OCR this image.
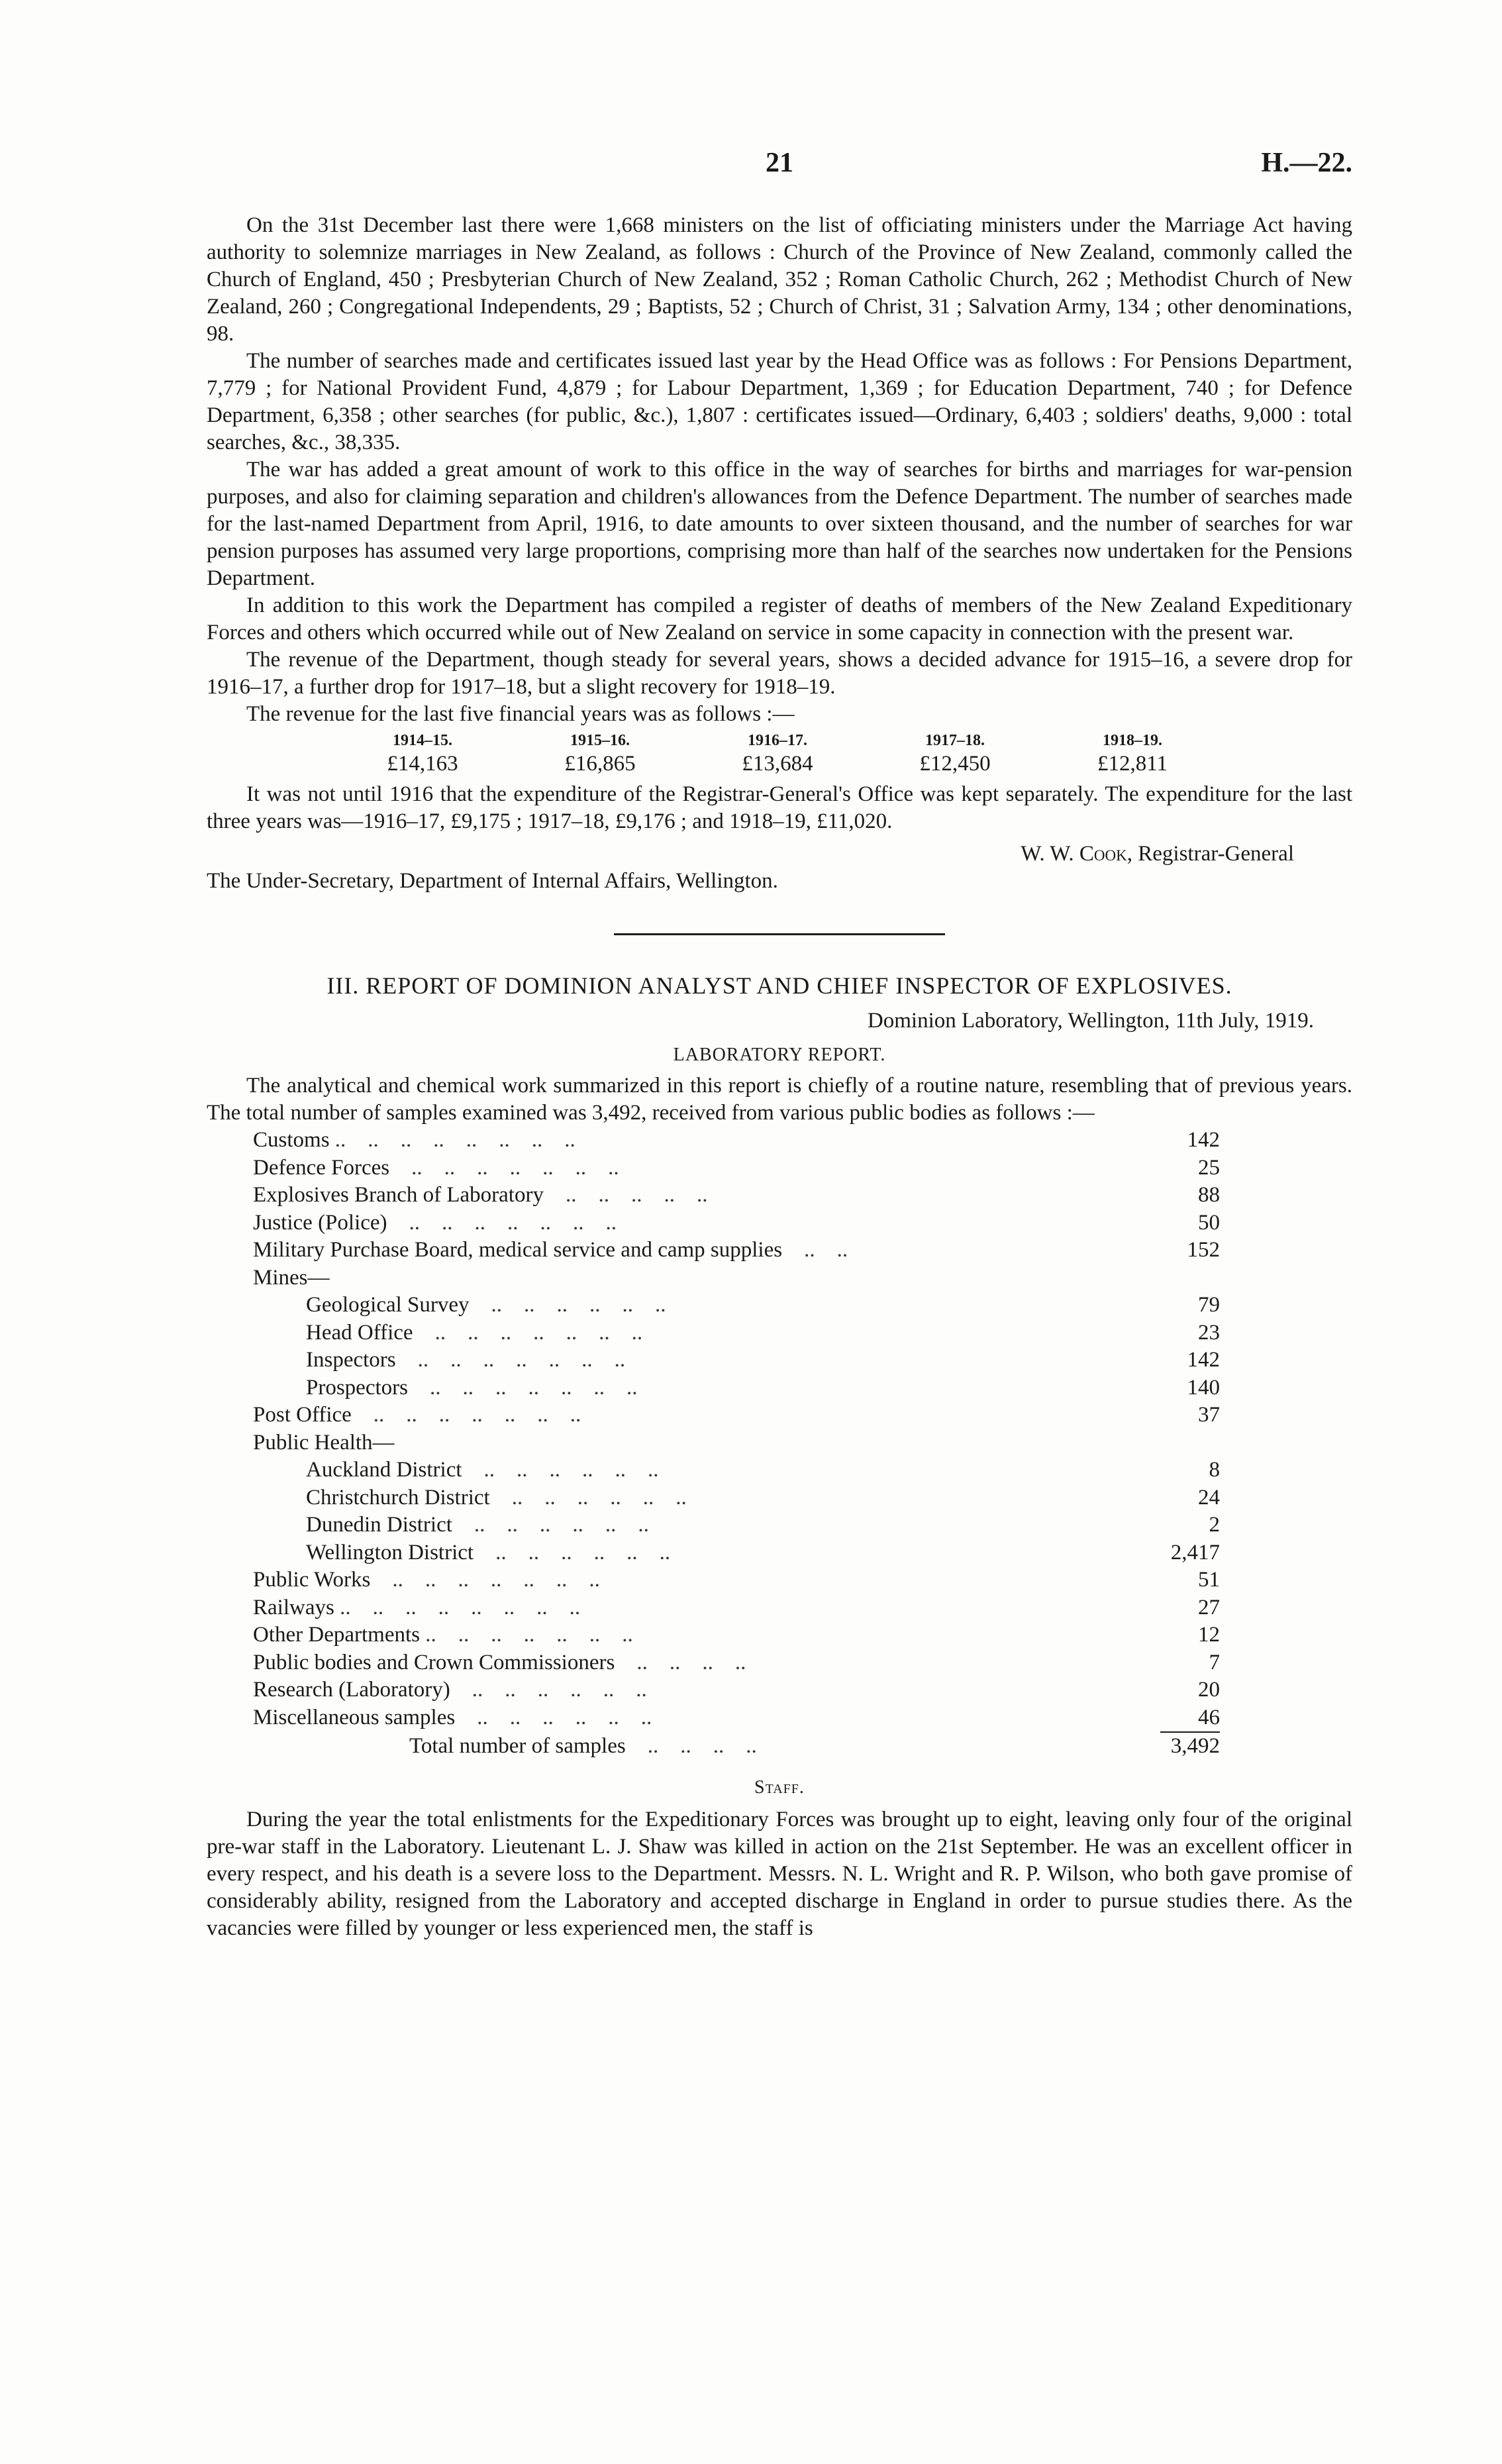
21	H.—22.

On the 31st December last there were 1,668 ministers on the list of officiating ministers under the Marriage Act having authority to solemnize marriages in New Zealand, as follows : Church of the Province of New Zealand, commonly called the Church of England, 450 ; Presbyterian Church of New Zealand, 352 ; Roman Catholic Church, 262 ; Methodist Church of New Zealand, 260 ; Congregational Independents, 29 ; Baptists, 52 ; Church of Christ, 31 ; Salvation Army, 134 ; other denominations, 98.

The number of searches made and certificates issued last year by the Head Office was as follows : For Pensions Department, 7,779 ; for National Provident Fund, 4,879 ; for Labour Department, 1,369 ; for Education Department, 740 ; for Defence Department, 6,358 ; other searches (for public, &c.), 1,807 : certificates issued—Ordinary, 6,403 ; soldiers' deaths, 9,000 : total searches, &c., 38,335.

The war has added a great amount of work to this office in the way of searches for births and marriages for war-pension purposes, and also for claiming separation and children's allowances from the Defence Department. The number of searches made for the last-named Department from April, 1916, to date amounts to over sixteen thousand, and the number of searches for war pension purposes has assumed very large proportions, comprising more than half of the searches now undertaken for the Pensions Department.

In addition to this work the Department has compiled a register of deaths of members of the New Zealand Expeditionary Forces and others which occurred while out of New Zealand on service in some capacity in connection with the present war.

The revenue of the Department, though steady for several years, shows a decided advance for 1915–16, a severe drop for 1916–17, a further drop for 1917–18, but a slight recovery for 1918–19.

The revenue for the last five financial years was as follows :—

1914–15.	1915–16.	1916–17.	1917–18.	1918–19.
£14,163	£16,865	£13,684	£12,450	£12,811

It was not until 1916 that the expenditure of the Registrar-General's Office was kept separately. The expenditure for the last three years was—1916–17, £9,175 ; 1917–18, £9,176 ; and 1918–19, £11,020.

W. W. Cook, Registrar-General

The Under-Secretary, Department of Internal Affairs, Wellington.

III. REPORT OF DOMINION ANALYST AND CHIEF INSPECTOR OF EXPLOSIVES.
Dominion Laboratory, Wellington, 11th July, 1919.
LABORATORY REPORT.

The analytical and chemical work summarized in this report is chiefly of a routine nature, resembling that of previous years. The total number of samples examined was 3,492, received from various public bodies as follows :—

Customs ..    ..    ..    ..    ..    ..    ..    ..	142
Defence Forces    ..    ..    ..    ..    ..    ..    ..	25
Explosives Branch of Laboratory    ..    ..    ..    ..    ..	88
Justice (Police)    ..    ..    ..    ..    ..    ..    ..	50
Military Purchase Board, medical service and camp supplies    ..    ..	152
Mines—	
Geological Survey    ..    ..    ..    ..    ..    ..	79
Head Office    ..    ..    ..    ..    ..    ..    ..	23
Inspectors    ..    ..    ..    ..    ..    ..    ..	142
Prospectors    ..    ..    ..    ..    ..    ..    ..	140
Post Office    ..    ..    ..    ..    ..    ..    ..	37
Public Health—	
Auckland District    ..    ..    ..    ..    ..    ..	8
Christchurch District    ..    ..    ..    ..    ..    ..	24
Dunedin District    ..    ..    ..    ..    ..    ..	2
Wellington District    ..    ..    ..    ..    ..    ..	2,417
Public Works    ..    ..    ..    ..    ..    ..    ..	51
Railways ..    ..    ..    ..    ..    ..    ..    ..	27
Other Departments ..    ..    ..    ..    ..    ..    ..	12
Public bodies and Crown Commissioners    ..    ..    ..    ..	7
Research (Laboratory)    ..    ..    ..    ..    ..    ..	20
Miscellaneous samples    ..    ..    ..    ..    ..    ..	46

Total number of samples    ..    ..    ..    ..	3,492
Staff.

During the year the total enlistments for the Expeditionary Forces was brought up to eight, leaving only four of the original pre-war staff in the Laboratory. Lieutenant L. J. Shaw was killed in action on the 21st September. He was an excellent officer in every respect, and his death is a severe loss to the Department. Messrs. N. L. Wright and R. P. Wilson, who both gave promise of considerably ability, resigned from the Laboratory and accepted discharge in England in order to pursue studies there. As the vacancies were filled by younger or less experienced men, the staff is
